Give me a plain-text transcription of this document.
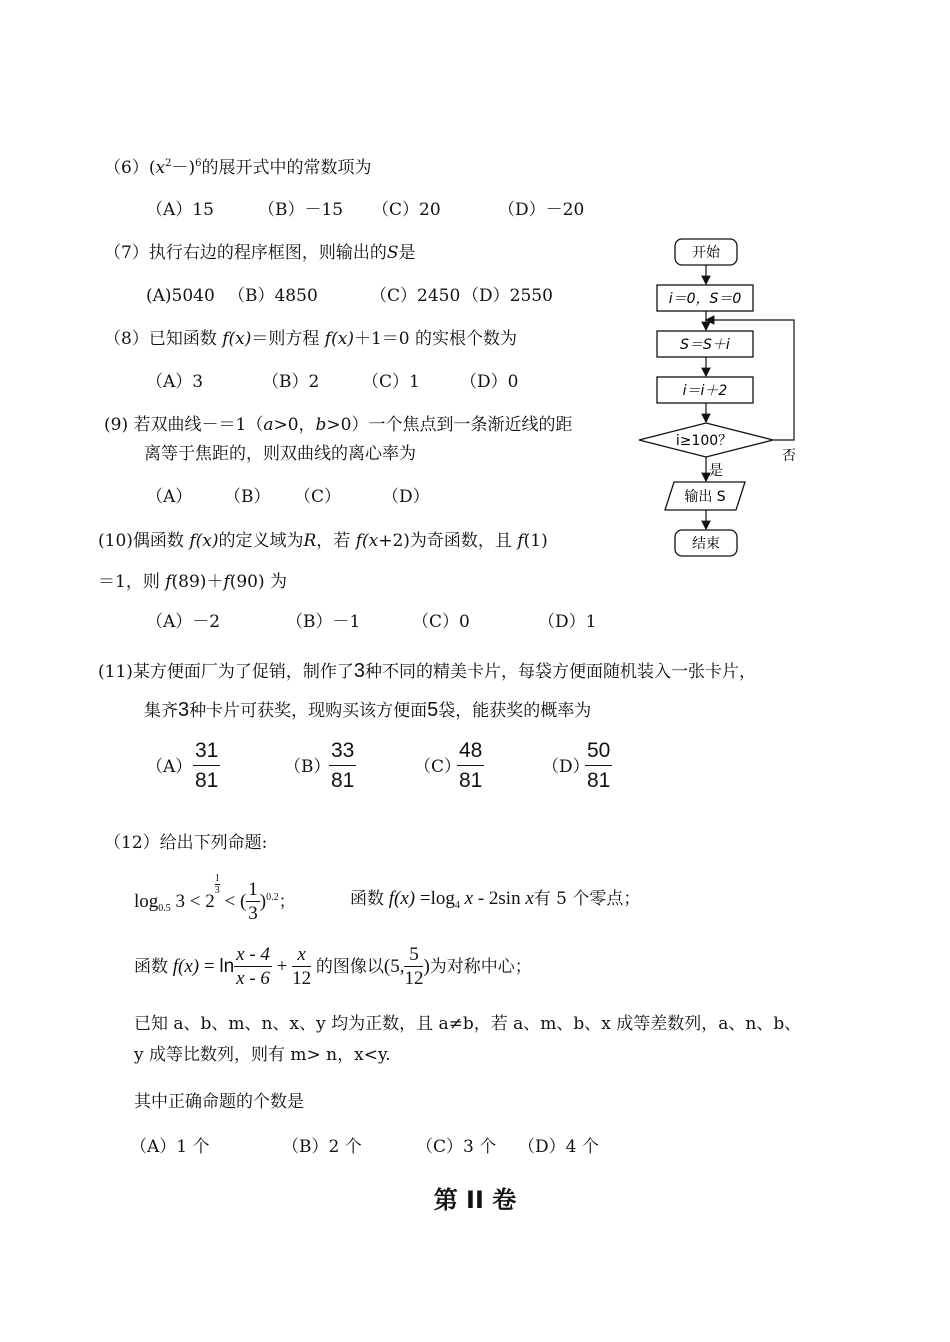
$(6)(x^2-)^6$的展开式中的常数项为
（A）15	（B）－15 （C）20	（D）－20
（7）执行右边的程序框图，则输出的S是
(A)5040 （B）4850	（C）2450 （D）2550
（8）已知函数 f(x)＝则方程 f(x)＋1＝0 的实根个数为
（A）3	（B）2	（C）1 （D）0
(9) 若双曲线－＝1（a>0，b>0）一个焦点到一条渐近线的距
离等于焦距的，则双曲线的离心率为
（A） （B） （C） （D）
(10)偶函数 f(x)的定义域为R，若 f(x+2)为奇函数，且 f(1)
＝1，则 f(89)＋f(90) 为
（A）－2	（B）－1	（C）0	（D）1
(11)某方便面厂为了促销，制作了3种不同的精美卡片，每袋方便面随机装入一张卡片，
集齐3种卡片可获奖，现购买该方便面5袋，能获奖的概率为
$(A) \frac{31}{81}$	（B）
$\frac{33}{81}$	（C）
$\frac{48}{81}$	（D）
$\frac{50}{81}$
（12）给出下列命题:
$\log_{0.5} 3 < 2$
$\frac{1}{3}$
< ( $\frac{1}{3} )^{0.2}$；	函数 $f(x) =\log_4$ x - 2sin x有 5 个零点；
函数 $f(x) = \ln \frac{x - 4}{x - 6} + \frac{x}{12}$ 的图像以(5, $\frac{5}{12}$ )为对称中心；
已知 a、b、m、n、x、y 均为正数，且 a≠b，若 a、m、b、x 成等差数列，a、n、b、
y 成等比数列，则有 m> n，x<y.
其中正确命题的个数是
（A）1 个	（B）2 个	（C）3 个 （D）4 个
第 II 卷
开始
i＝0，S＝0
S＝S＋i
i＝i＋2
i≥100？
否
是
输出 S
结束
